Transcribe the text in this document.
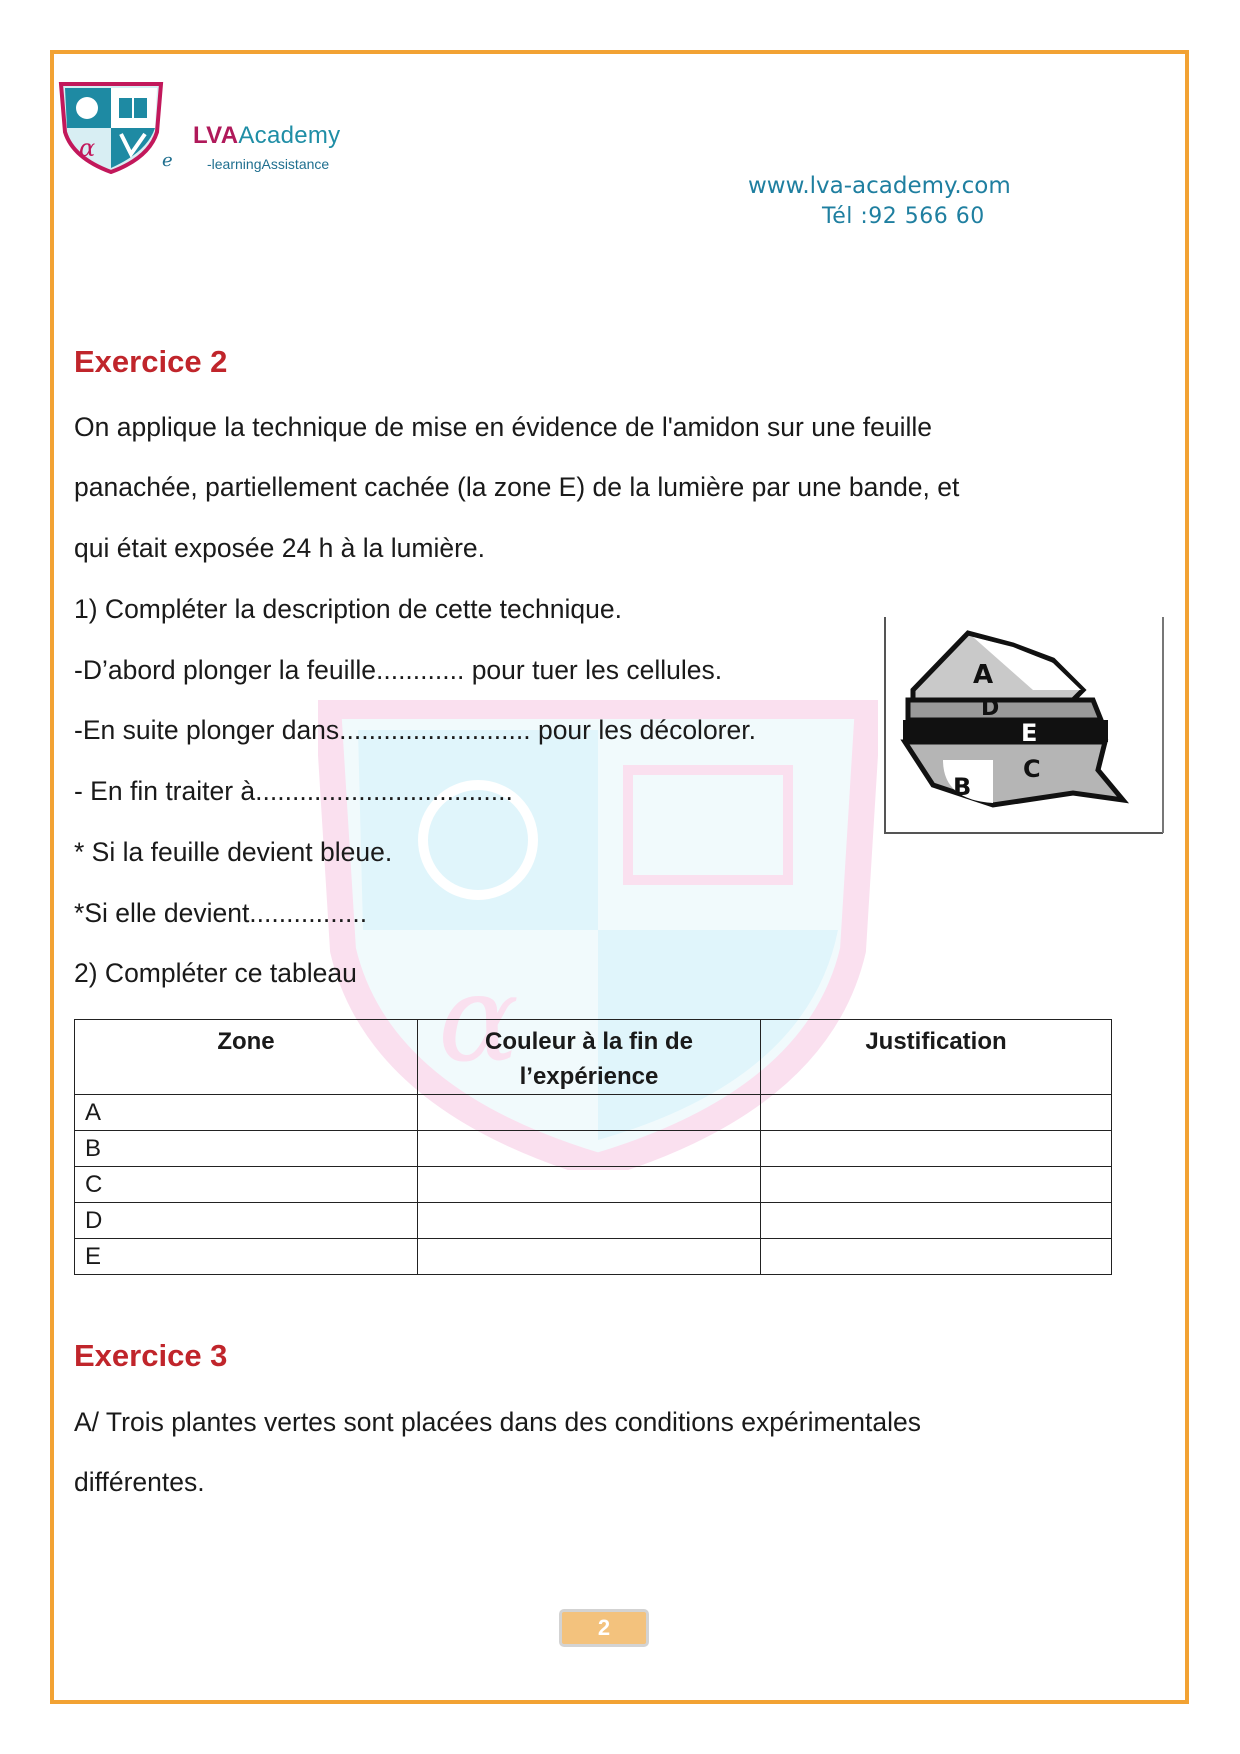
α	LVAAcademy
e -learningAssistance
www.lva-academy.com
Tél :92 566 60
α
Exercice 2
On applique la technique de mise en évidence de l'amidon sur une feuille
panachée, partiellement cachée (la zone E) de la lumière par une bande, et
qui était exposée 24 h à la lumière.
1) Compléter la description de cette technique.
-D’abord plonger la feuille............ pour tuer les cellules.
-En suite plonger dans.......................... pour les décolorer.
- En fin traiter à...................................
* Si la feuille devient bleue.
*Si elle devient................
2) Compléter ce tableau
A
D
E
C
B
Zone	Couleur à la fin de l’expérience	Justification
A		
B		
C		
D		
E		
Exercice 3
A/ Trois plantes vertes sont placées dans des conditions expérimentales
différentes.
2
